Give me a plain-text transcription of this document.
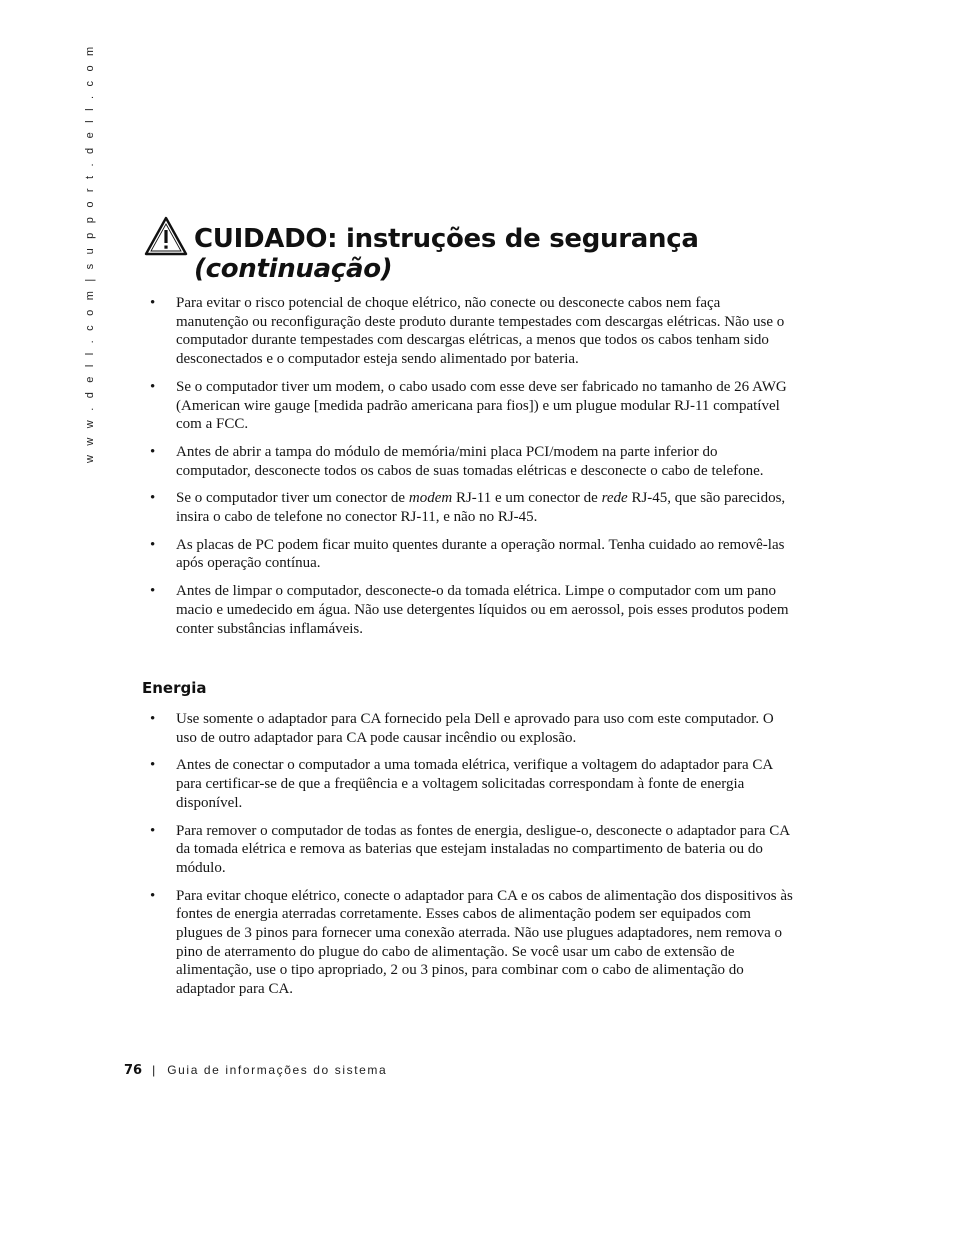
w w w . d e l l . c o m | s u p p o r t . d e l l . c o m	CUIDADO: instruções de segurança
(continuação)
• Para evitar o risco potencial de choque elétrico, não conecte ou desconecte cabos nem faça manutenção ou reconfiguração deste produto durante tempestades com descargas elétricas. Não use o computador durante tempestades com descargas elétricas, a menos que todos os cabos tenham sido desconectados e o computador esteja sendo alimentado por bateria.
• Se o computador tiver um modem, o cabo usado com esse deve ser fabricado no tamanho de 26 AWG (American wire gauge [medida padrão americana para fios]) e um plugue modular RJ-11 compatível com a FCC.
• Antes de abrir a tampa do módulo de memória/mini placa PCI/modem na parte inferior do computador, desconecte todos os cabos de suas tomadas elétricas e desconecte o cabo de telefone.
• Se o computador tiver um conector de modem RJ-11 e um conector de rede RJ-45, que são parecidos, insira o cabo de telefone no conector RJ-11, e não no RJ-45.
• As placas de PC podem ficar muito quentes durante a operação normal. Tenha cuidado ao removê-las após operação contínua.
• Antes de limpar o computador, desconecte-o da tomada elétrica. Limpe o computador com um pano macio e umedecido em água. Não use detergentes líquidos ou em aerossol, pois esses produtos podem conter substâncias inflamáveis.
Energia
• Use somente o adaptador para CA fornecido pela Dell e aprovado para uso com este computador. O uso de outro adaptador para CA pode causar incêndio ou explosão.
• Antes de conectar o computador a uma tomada elétrica, verifique a voltagem do adaptador para CA para certificar-se de que a freqüência e a voltagem solicitadas correspondam à fonte de energia disponível.
• Para remover o computador de todas as fontes de energia, desligue-o, desconecte o adaptador para CA da tomada elétrica e remova as baterias que estejam instaladas no compartimento de bateria ou do módulo.
• Para evitar choque elétrico, conecte o adaptador para CA e os cabos de alimentação dos dispositivos às fontes de energia aterradas corretamente. Esses cabos de alimentação podem ser equipados com plugues de 3 pinos para fornecer uma conexão aterrada. Não use plugues adaptadores, nem remova o pino de aterramento do plugue do cabo de alimentação. Se você usar um cabo de extensão de alimentação, use o tipo apropriado, 2 ou 3 pinos, para combinar com o cabo de alimentação do adaptador para CA.
76 | Guia de informações do sistema
